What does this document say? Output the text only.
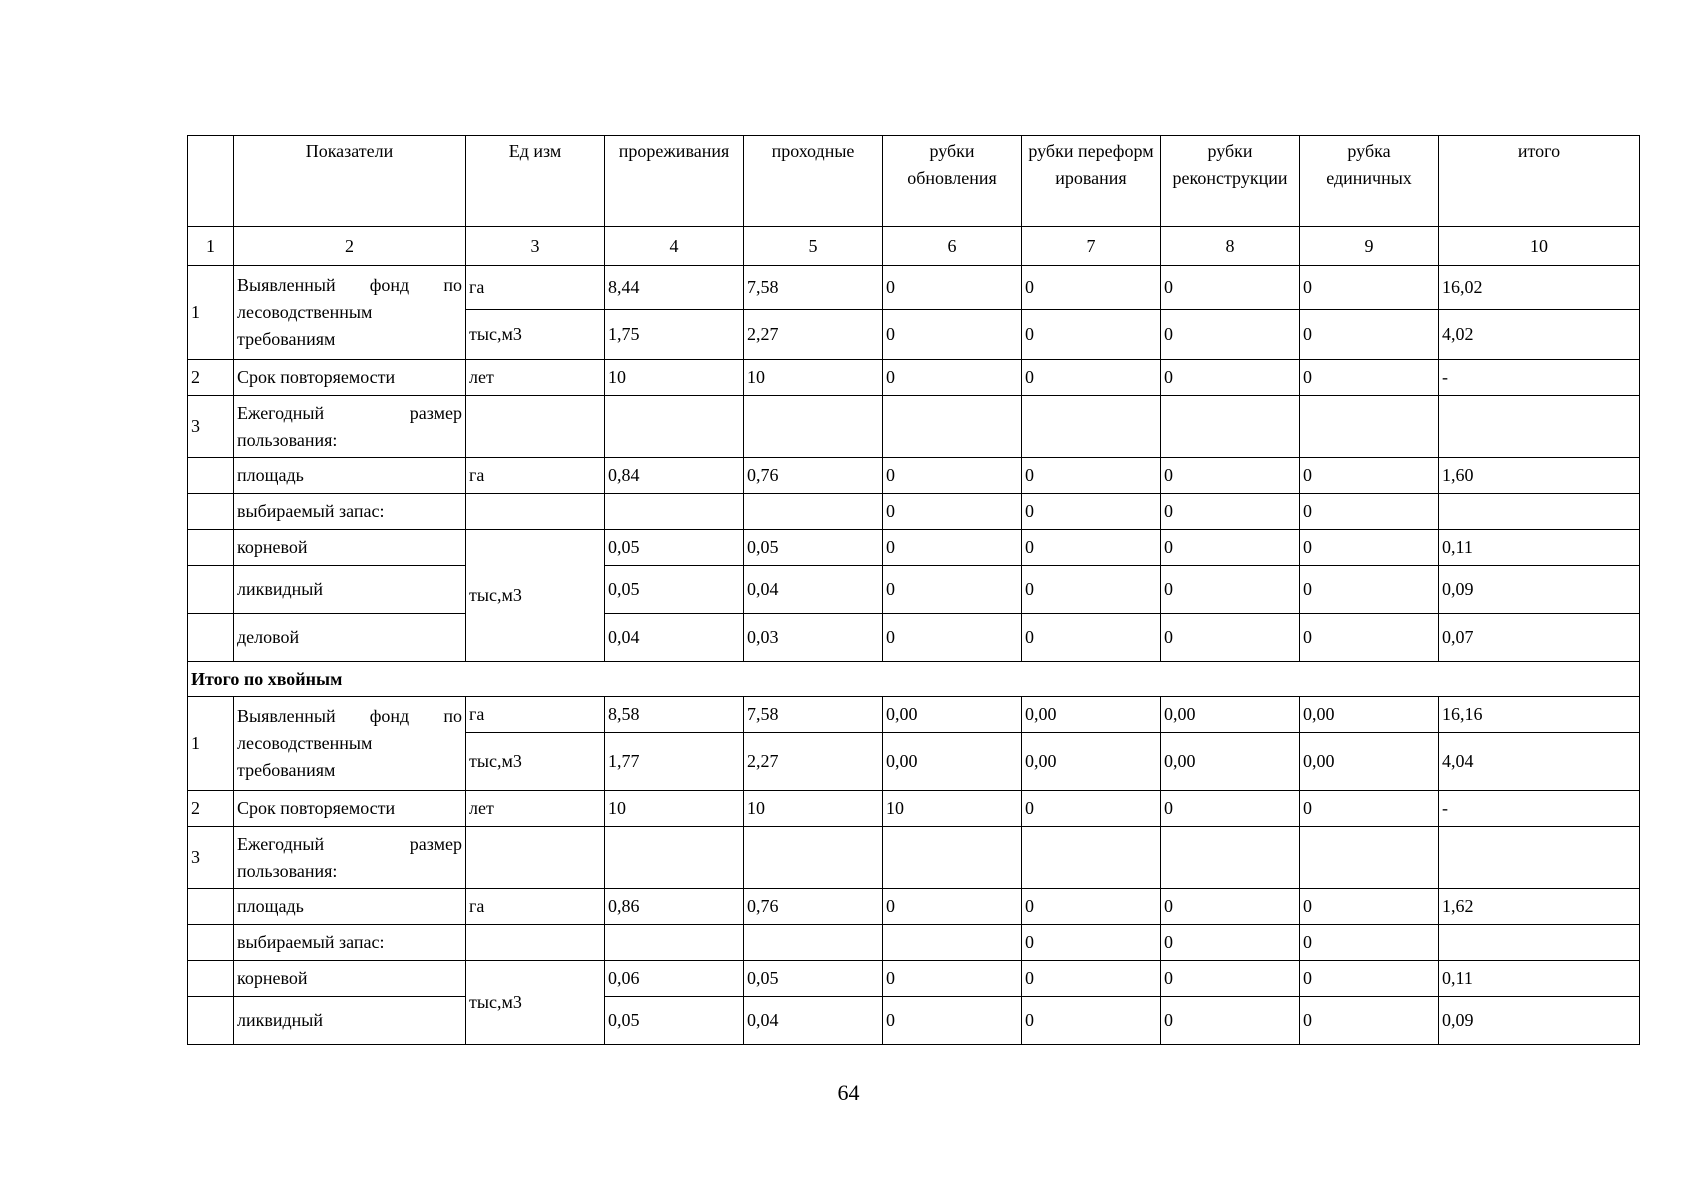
	Показатели	Ед изм	прореживания	проходные	рубки обновления	рубки переформирования	рубки реконструкции	рубка единичных	итого
1	2	3	4	5	6	7	8	9	10
1	Выявленный фонд по лесоводственным требованиям	га	8,44	7,58	0	0	0	0	16,02
		тыс,м3	1,75	2,27	0	0	0	0	4,02
2	Срок повторяемости	лет	10	10	0	0	0	0	-
3	Ежегодный размер пользования:								
	площадь	га	0,84	0,76	0	0	0	0	1,60
	выбираемый запас:				0	0	0	0	
	корневой	тыс,м3	0,05	0,05	0	0	0	0	0,11
	ликвидный		0,05	0,04	0	0	0	0	0,09
	деловой		0,04	0,03	0	0	0	0	0,07
Итого по хвойным									
1	Выявленный фонд по лесоводственным требованиям	га	8,58	7,58	0,00	0,00	0,00	0,00	16,16
		тыс,м3	1,77	2,27	0,00	0,00	0,00	0,00	4,04
2	Срок повторяемости	лет	10	10	10	0	0	0	-
3	Ежегодный размер пользования:								
	площадь	га	0,86	0,76	0	0	0	0	1,62
	выбираемый запас:					0	0	0	
	корневой	тыс,м3	0,06	0,05	0	0	0	0	0,11
	ликвидный		0,05	0,04	0	0	0	0	0,09
64
